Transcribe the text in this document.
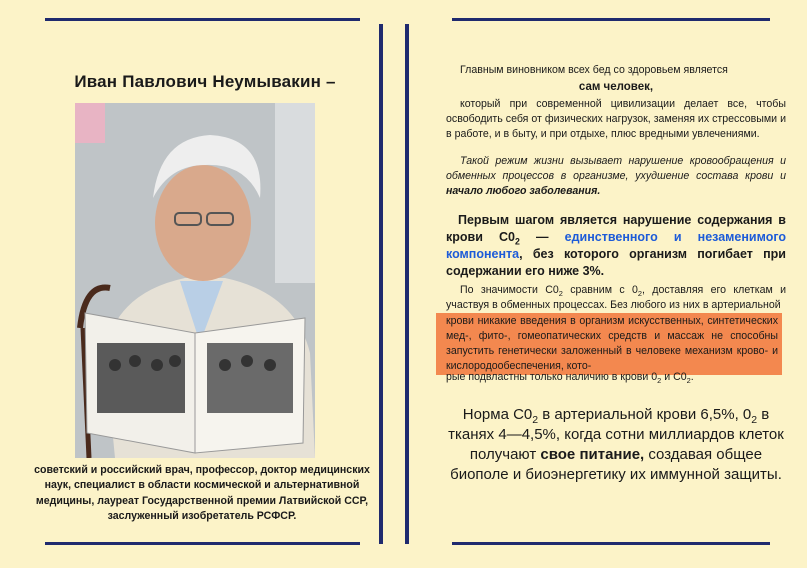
Иван Павлович Неумывакин –
советский и российский врач, профессор, доктор медицинских наук, специалист в области космической и альтернативной медицины, лауреат Государственной премии Латвийской ССР, заслуженный изобретатель РСФСР.
Главным виновником всех бед со здоровьем является
сам человек,
который при современной цивилизации делает все, чтобы освободить себя от физических нагрузок, заменяя их стрессовыми и в работе, и в быту, и при отдыхе, плюс вредными увлечениями.
Такой режим жизни вызывает нарушение кровообращения и обменных процессов в организме, ухудшение состава крови и начало любого заболевания.
Первым шагом является нарушение содержания в крови $С0_2$ — единственного и незаменимого компонента, без которого организм погибает при содержании его ниже 3%.
По значимости $С0_2$ сравним с $0_2$, доставляя его клеткам и участвуя в обменных процессах. Без любого из них в артериальной
крови никакие введения в организм искусственных, синтетических мед-, фито-, гомеопатических средств и массаж не способны запустить генетически заложенный в человеке механизм крово- и кислородообеспечения, кото-
рые подвластны только наличию в крови $0_2$ и $С0_2$.
Норма $С0_2$ в артериальной крови 6,5%, $0_2$ в тканях 4—4,5%, когда сотни миллиардов клеток получают свое питание, создавая общее биополе и биоэнергетику их иммунной защиты.
